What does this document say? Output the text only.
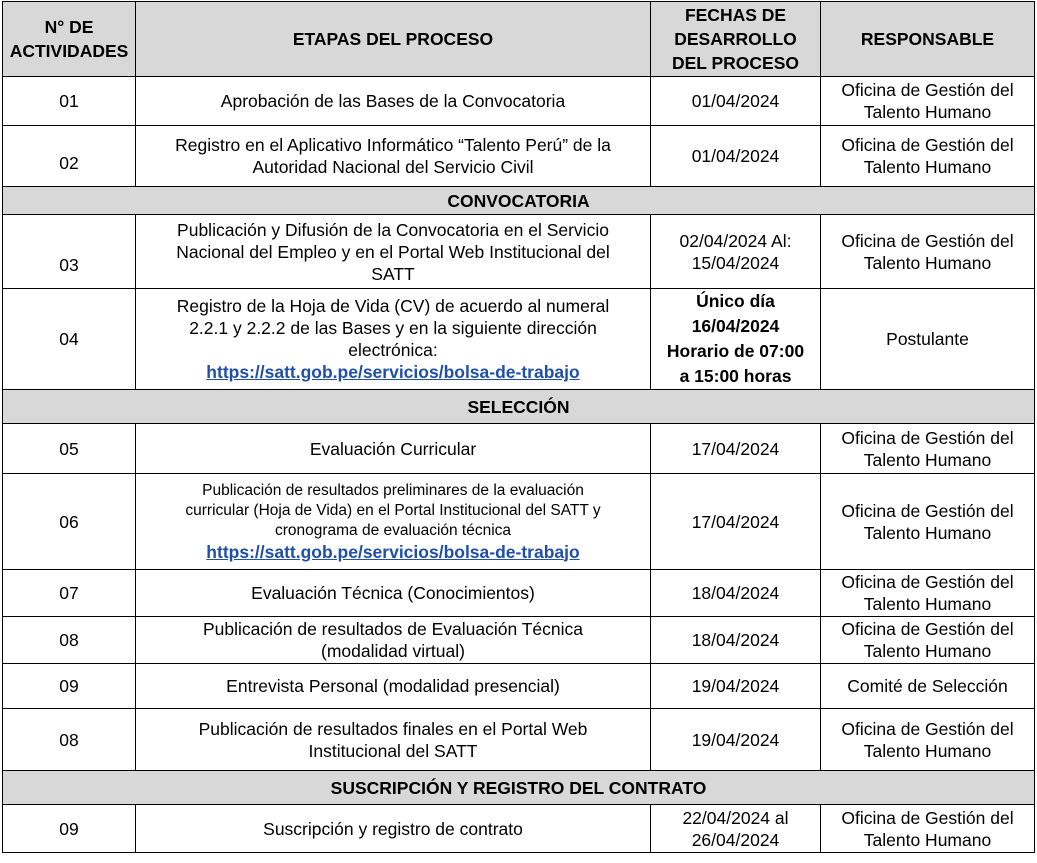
N° DE
ACTIVIDADES	ETAPAS DEL PROCESO	FECHAS DE
DESARROLLO
DEL PROCESO	RESPONSABLE
01	Aprobación de las Bases de la Convocatoria	01/04/2024	Oficina de Gestión del
Talento Humano

02	Registro en el Aplicativo Informático “Talento Perú” de la
Autoridad Nacional del Servicio Civil	01/04/2024	Oficina de Gestión del
Talento Humano

CONVOCATORIA			
03	Publicación y Difusión de la Convocatoria en el Servicio
Nacional del Empleo y en el Portal Web Institucional del
SATT	02/04/2024 Al:
15/04/2024	Oficina de Gestión del
Talento Humano

04	Registro de la Hoja de Vida (CV) de acuerdo al numeral
2.2.1 y 2.2.2 de las Bases y en la siguiente dirección
electrónica:
https://satt.gob.pe/servicios/bolsa-de-trabajo	Único día
16/04/2024
Horario de 07:00
a 15:00 horas	Postulante

SELECCIÓN			
05	Evaluación Curricular	17/04/2024	Oficina de Gestión del
Talento Humano

06	Publicación de resultados preliminares de la evaluación
curricular (Hoja de Vida) en el Portal Institucional del SATT y
cronograma de evaluación técnica
https://satt.gob.pe/servicios/bolsa-de-trabajo	17/04/2024	Oficina de Gestión del
Talento Humano

07	Evaluación Técnica (Conocimientos)	18/04/2024	Oficina de Gestión del
Talento Humano

08	Publicación de resultados de Evaluación Técnica
(modalidad virtual)	18/04/2024	Oficina de Gestión del
Talento Humano

09	Entrevista Personal (modalidad presencial)	19/04/2024	Comité de Selección

08	Publicación de resultados finales en el Portal Web
Institucional del SATT	19/04/2024	Oficina de Gestión del
Talento Humano

SUSCRIPCIÓN Y REGISTRO DEL CONTRATO			
09	Suscripción y registro de contrato	22/04/2024 al
26/04/2024	Oficina de Gestión del
Talento Humano
